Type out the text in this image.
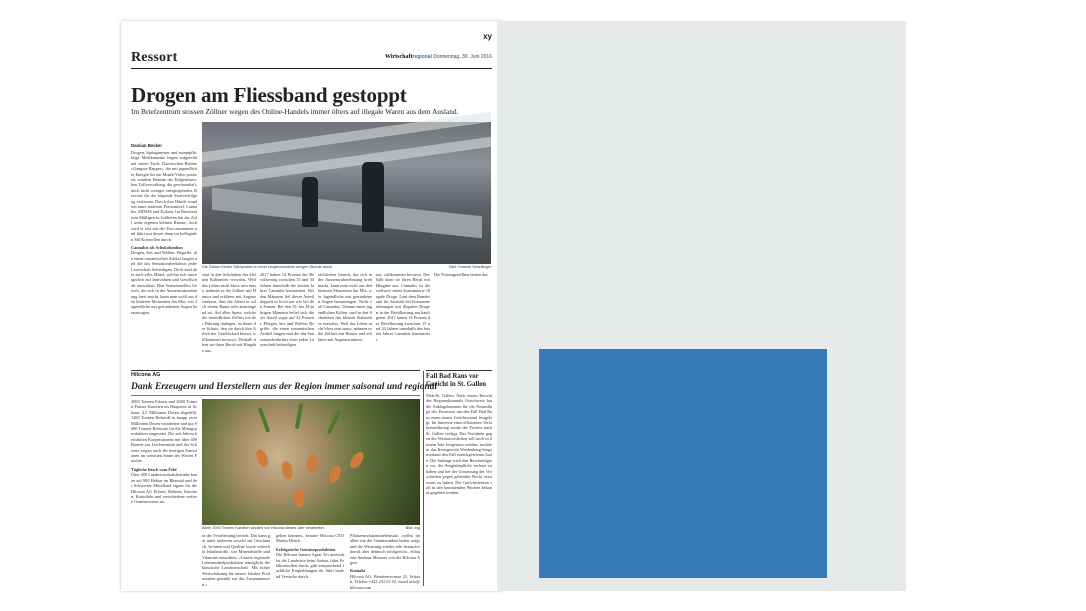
xy
Ressort	Wirtschaftregional Donnerstag, 30. Juni 2016
Drogen am Fliessband gestoppt
Im Briefzentrum stossen Zöllner wegen des Online-Handels immer öfters auf illegale Waren aus dem Ausland.
Damian Becker
Drogen, Springmesser und rezeptpflichtige Medikamente liegen aufgereiht auf einem Tisch. Dazwischen Bücher «Gangsta-Rapper», die mit jugendlicher Energie für ein Musik-Video posieren, sondern Beamte der Eidgenössischen Zollverwaltung, die gewissenhaft, doch nicht weniger energiegeladen, Berichte für die folgende Strafverfolgung verfassen. Durch ihre Hände wandern unter anderem Pornomittel, Cannabis, MDMA und Kokain. Im Briefzentrum Mülligen in Schlieren hat der Zoll seine eigenen kleinen Räume, doch wird er erst mit der Post zusammen und führt mit dieser dann im kollegialen Stil Kontrollen durch.
Cannabis als Schokobonbon
Drogen, Sex und Waffen: Begriffe, die einen romantischen Artikel fangen und die das Sensationsbedürfnis jeder Leserschaft befriedigen. Doch sind aber auch alles Mittel, welche sich unweigerlich auf Individuen und Gesellschaft auswirken. Den Sensationellen Geruch, der sich in der Aussenwahrnehmung breit macht, kann man wohl aus den hinteren Momenten ihn Mix, wer Jugendliche mit getrunkenen Augen heraustragen.
Die Zöllner führen Stichproben in einer vergleichsweise ruhigen Stunde durch.	Bild: Yvianne Schellinger
sind in den Schränken des kleinen Kabinettes verwahrt. Weil das Leben nicht bloss sein muss, nehmen es die Zöllner mit Humor und erklären mit Augenzwinkern, dass die Arbeit in solch einem Raum sehr anstrengend sei. Auf allen Spass, welche die freundlichen Zöllner bei der Führung darlegen, ist ihnen der Schutz, den sie durch ihre Arbeit der Gesellschaft bieten, willkommen bewusst. Deshalb üben sie ihren Beruf mit Hingabe aus.
2017 haben 14 Prozent der Bevölkerung zwischen 15 und 34 Jahren innerhalb der letzten Jahres Cannabis konsumiert. Bei den Männern fiel dieser Anteil doppelt so hoch aus wie bei den Frauen. Bei den 15- bis 24-jährigen Männern belief sich dieser Anteil sogar auf 22 Prozent. Pflegen, Sex und Waffen: Begriffe, die einen romantischen Artikel fangen und die das Sensationsbedürfnis einer jeden Leserschaft befriedigen.
sächlichen Geruch, der sich in der Aussenwahrnehmung breit macht, kann man wohl aus den hinteren Momenten ihn Mix, wer Jugendliche mit getrunkenen Augen heraustragen. Nicht voll Cannabis, Träume einen jugendlichen Kiffen, sind in den Schränken des kleinen Kabinettes verwahrt. Weil das Leben nicht bloss sein muss, nehmen es die Zöllner mit Humor und erklären mit Augenzwinkern.
tun, willkommen bewusst. Deshalb üben sie ihren Beruf mit Hingabe aus. Cannabis ist die weltweit meist konsumierte illegale Droge. Laut dem Bundesamt für Statistik bei Konsumerfahrungen mit illegalen Drogen in der Bevölkerung am häufigsten. 2017 haben 14 Prozent der Bevölkerung zwischen 15 und 34 Jahren innerhalb des letzten Jahres Cannabis konsumiert.
Die Postangestellten lernen das
Hilcona AG
Dank Erzeugern und Herstellern aus der Region immer saisonal und regional
2000 Tonnen Erbsen und 2000 Tonnen Pariser Karotten im Hauptsitz in Schaan. 4,5 Millionen Dosen abgefüllt, 1200 Tonnen Rohstoff in knapp zwei Millionen Dosen verarbeitet und gut 9000 Tonnen Rohware für die Mittagsproduktion eingesetzt. Die seit Jahren bewährten Kooperationen mit über 400 Bauern aus Liechtenstein und der Schweiz zeigen auch der heutigen Emissionen im wahrsten Sinne des Wortes Früchte.
Tägliche frisch vom Feld
Über 400 Landwirtschaftsbetriebe bauen auf 900 Hektar im Rheintal und der Schweizer Mittelland eigens für die Hilcona AG Erbsen, Bohnen, Karotten, Kartoffeln und verschiedene weitere Gemüsesorten an.
Allein 2000 Tonnen Karotten wurden von Hilcona dieses Jahr verarbeitet.	Bild: zvg
in der Verarbeitung betrieb. Das kann gut unter anderem sowohl auf Geschmack, Aromen und Qualität sowie weiterhin Inhaltsstoffe, wie Mineralstoffe und Vitamine auswirken. «Unsere regionale Lebensmittelproduktion ermöglicht die klassische Landwirtschaft. Mit hoher Wertschätzung für unsere lokalen Produzenten gestärkt wir das Zusammensein.»
gehen können», betonte Hilcona CEO Martin Henck.
Erfolgreiche Gemüseproduktion
Die Hilcona Intense Agrar AG unterstützt die Landwirte beim Anbau, führt Feldkontrollen durch, gibt entsprechend fachliche Empfehlungen ab, führt laufend Versuche durch.
Pflanzenschutzmitteleinsatz, «selbst im allen war der Gemüseanbau bisher aufgrund der Witterung wieder sehr herausfordernd, aber dennoch erfolgreich», erläuterte Andreas Mosurer von der Hilcona Agrar.
Kontakt
Hilcona AG, Bendererstrasse 21, Schaan, Telefon +423 233 02 02, email info@hilcona.com
Fall Bad Rans vor Gericht in St. Gallen
Mels/St. Gallen. Nach einem Bericht des Regionaljournals Ostschweiz hat die Anklagekammer für die Neuauflage des Prozesses um den Fall Bad Rans einen neuen Gerichtsstand festgelegt. Im Interesse einer effizienten Verfahrensführung wurde der Prozess nach St. Gallen verlegt. Das Verfahren gegen die Verantwortlichen soll noch in diesem Jahr fortgesetzt werden, nachdem das Kreisgericht Werdenberg-Sarganserland den Fall zurückgewiesen hatte. Die Anklage wirft den Beschuldigten vor, die Sorgfaltspflicht verletzt zu haben und bei der Umsetzung der Vorschriften gegen geltendes Recht verstossen zu haben. Der Gerichtstermin soll in den kommenden Wochen bekannt gegeben werden.
